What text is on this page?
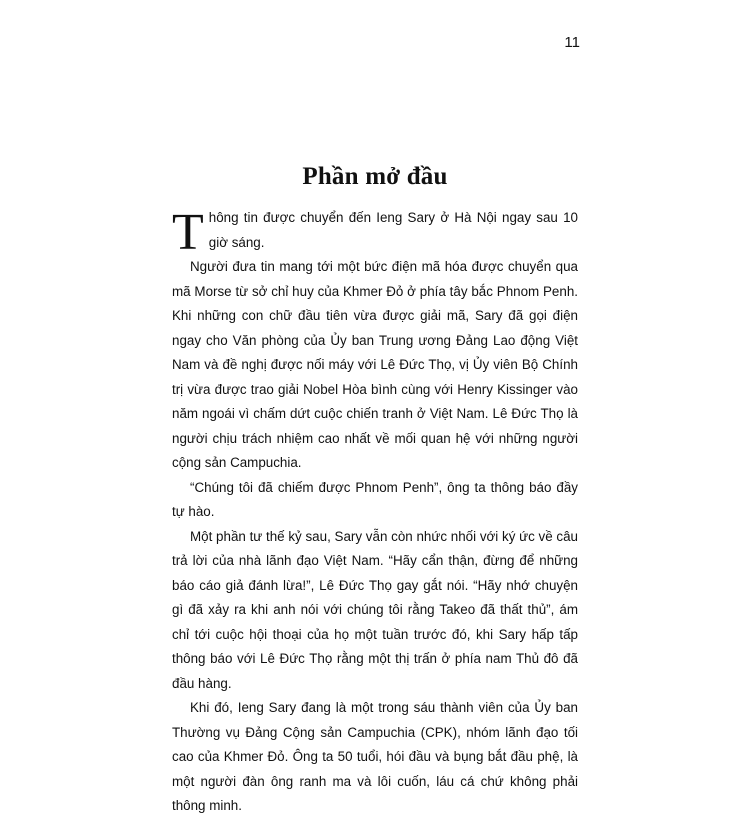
11
Phần mở đầu

Thông tin được chuyển đến Ieng Sary ở Hà Nội ngay sau 10 giờ sáng.

Người đưa tin mang tới một bức điện mã hóa được chuyển qua mã Morse từ sở chỉ huy của Khmer Đỏ ở phía tây bắc Phnom Penh. Khi những con chữ đầu tiên vừa được giải mã, Sary đã gọi điện ngay cho Văn phòng của Ủy ban Trung ương Đảng Lao động Việt Nam và đề nghị được nối máy với Lê Đức Thọ, vị Ủy viên Bộ Chính trị vừa được trao giải Nobel Hòa bình cùng với Henry Kissinger vào năm ngoái vì chấm dứt cuộc chiến tranh ở Việt Nam. Lê Đức Thọ là người chịu trách nhiệm cao nhất về mối quan hệ với những người cộng sản Campuchia.

“Chúng tôi đã chiếm được Phnom Penh”, ông ta thông báo đầy tự hào.

Một phần tư thế kỷ sau, Sary vẫn còn nhức nhối với ký ức về câu trả lời của nhà lãnh đạo Việt Nam. “Hãy cẩn thận, đừng để những báo cáo giả đánh lừa!”, Lê Đức Thọ gay gắt nói. “Hãy nhớ chuyện gì đã xảy ra khi anh nói với chúng tôi rằng Takeo đã thất thủ”, ám chỉ tới cuộc hội thoại của họ một tuần trước đó, khi Sary hấp tấp thông báo với Lê Đức Thọ rằng một thị trấn ở phía nam Thủ đô đã đầu hàng.

Khi đó, Ieng Sary đang là một trong sáu thành viên của Ủy ban Thường vụ Đảng Cộng sản Campuchia (CPK), nhóm lãnh đạo tối cao của Khmer Đỏ. Ông ta 50 tuổi, hói đầu và bụng bắt đầu phệ, là một người đàn ông ranh ma và lôi cuốn, láu cá chứ không phải thông minh.
